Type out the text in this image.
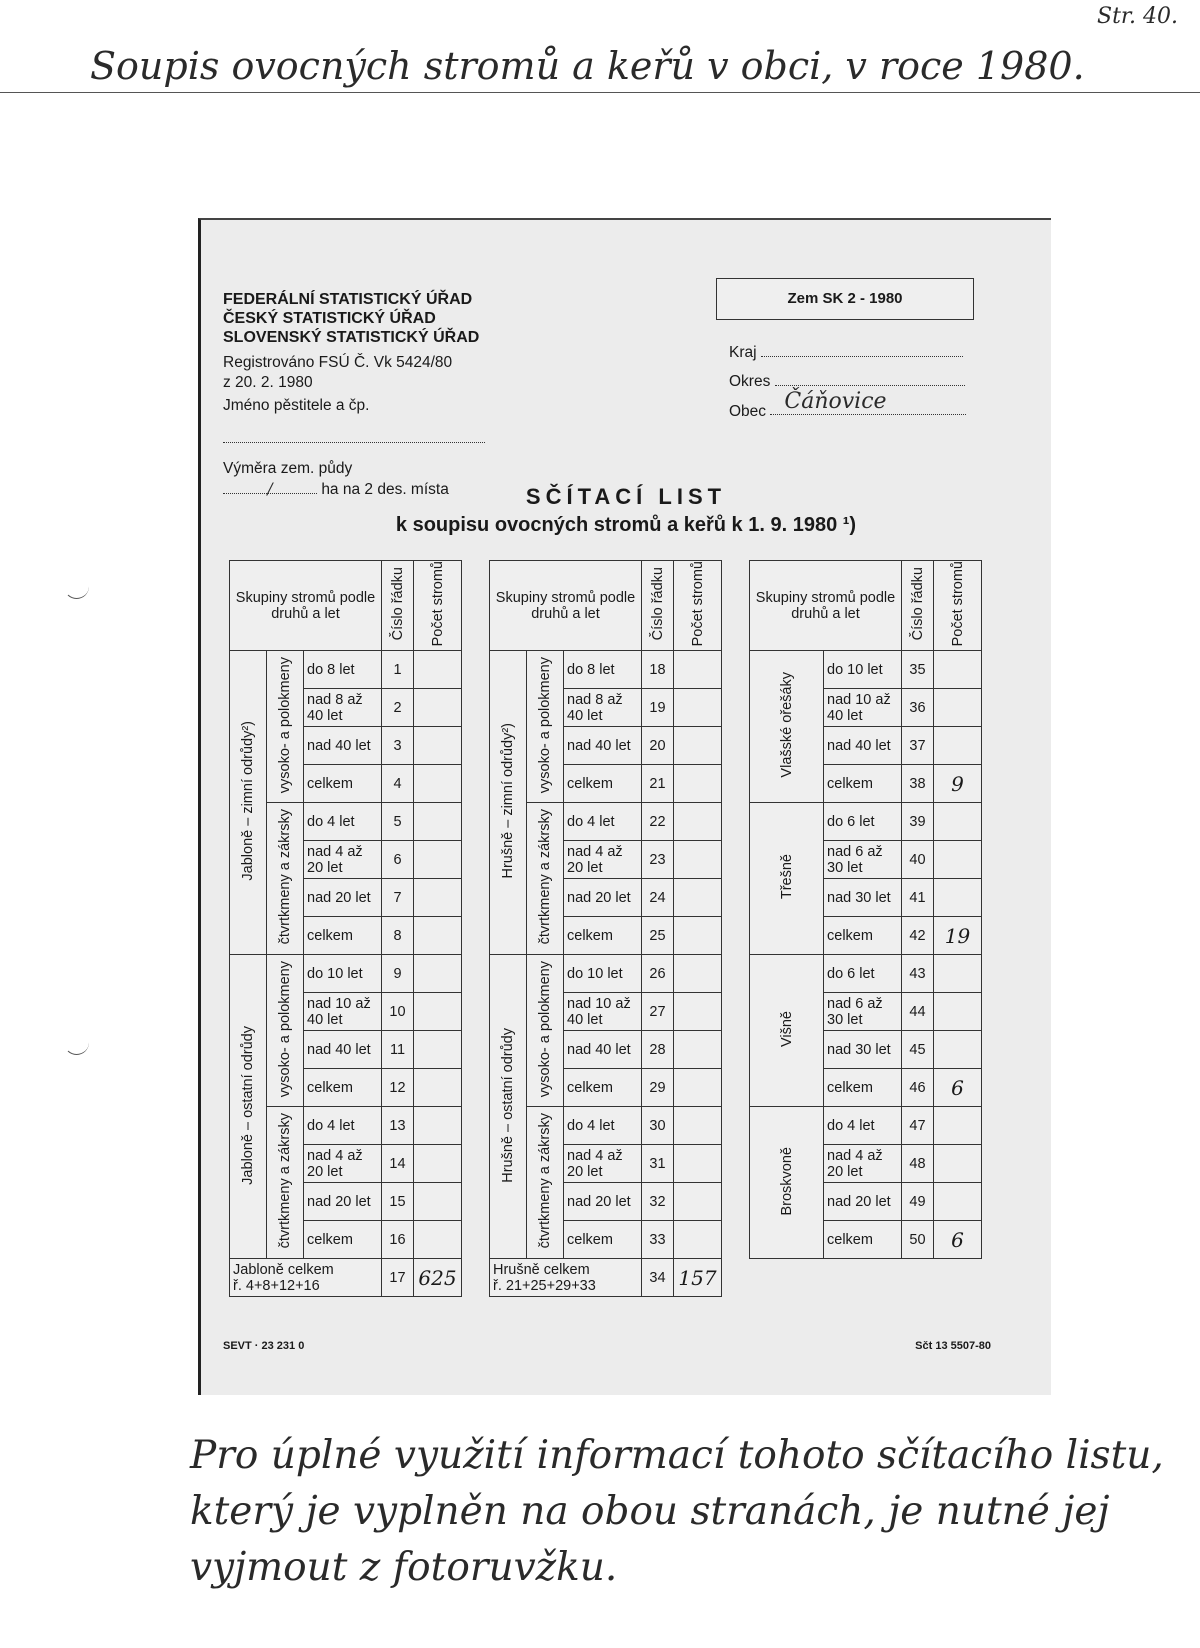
Str. 40.
Soupis ovocných stromů a keřů v obci, v roce 1980.
FEDERÁLNÍ STATISTICKÝ ÚŘAD
ČESKÝ STATISTICKÝ ÚŘAD
SLOVENSKÝ STATISTICKÝ ÚŘAD
Registrováno FSÚ Č. Vk 5424/80
z 20. 2. 1980
Jméno pěstitele a čp.
Výměra zem. půdy
/	ha na 2 des. místa
Zem SK 2 - 1980
Kraj
Okres
Obec Čáňovice
SČÍTACÍ LIST
k soupisu ovocných stromů a keřů k 1. 9. 1980 ¹)
Skupiny stromů podle druhů a let			Číslo řádku	Počet stromů
Jabloně – zimní odrůdy²)	vysoko- a polokmeny	do 8 let	1	
		nad 8 až 40 let	2	
		nad 40 let	3	
		celkem	4	
	čtvrtkmeny a zákrsky	do 4 let	5	
		nad 4 až 20 let	6	
		nad 20 let	7	
		celkem	8	
Jabloně – ostatní odrůdy	vysoko- a polokmeny	do 10 let	9	
		nad 10 až 40 let	10	
		nad 40 let	11	
		celkem	12	
	čtvrtkmeny a zákrsky	do 4 let	13	
		nad 4 až 20 let	14	
		nad 20 let	15	
		celkem	16	

Jabloně celkem
ř. 4+8+12+16			17	625
Skupiny stromů podle druhů a let			Číslo řádku	Počet stromů
Hrušně – zimní odrůdy²)	vysoko- a polokmeny	do 8 let	18	
		nad 8 až 40 let	19	
		nad 40 let	20	
		celkem	21	
	čtvrtkmeny a zákrsky	do 4 let	22	
		nad 4 až 20 let	23	
		nad 20 let	24	
		celkem	25	
Hrušně – ostatní odrůdy	vysoko- a polokmeny	do 10 let	26	
		nad 10 až 40 let	27	
		nad 40 let	28	
		celkem	29	
	čtvrtkmeny a zákrsky	do 4 let	30	
		nad 4 až 20 let	31	
		nad 20 let	32	
		celkem	33	

Hrušně celkem
ř. 21+25+29+33			34	157
Skupiny stromů podle druhů a let		Číslo řádku	Počet stromů
Vlašské ořešáky	do 10 let	35	
	nad 10 až 40 let	36	
	nad 40 let	37	
	celkem	38	9
Třešně	do 6 let	39	
	nad 6 až 30 let	40	
	nad 30 let	41	
	celkem	42	19
Višně	do 6 let	43	
	nad 6 až 30 let	44	
	nad 30 let	45	
	celkem	46	6
Broskvoně	do 4 let	47	
	nad 4 až 20 let	48	
	nad 20 let	49	
	celkem	50	6
SEVT · 23 231 0	Sčt 13 5507-80
Pro úplné využití informací tohoto sčítacího listu, který je vyplněn na obou stranách, je nutné jej vyjmout z fotoruvžku.
